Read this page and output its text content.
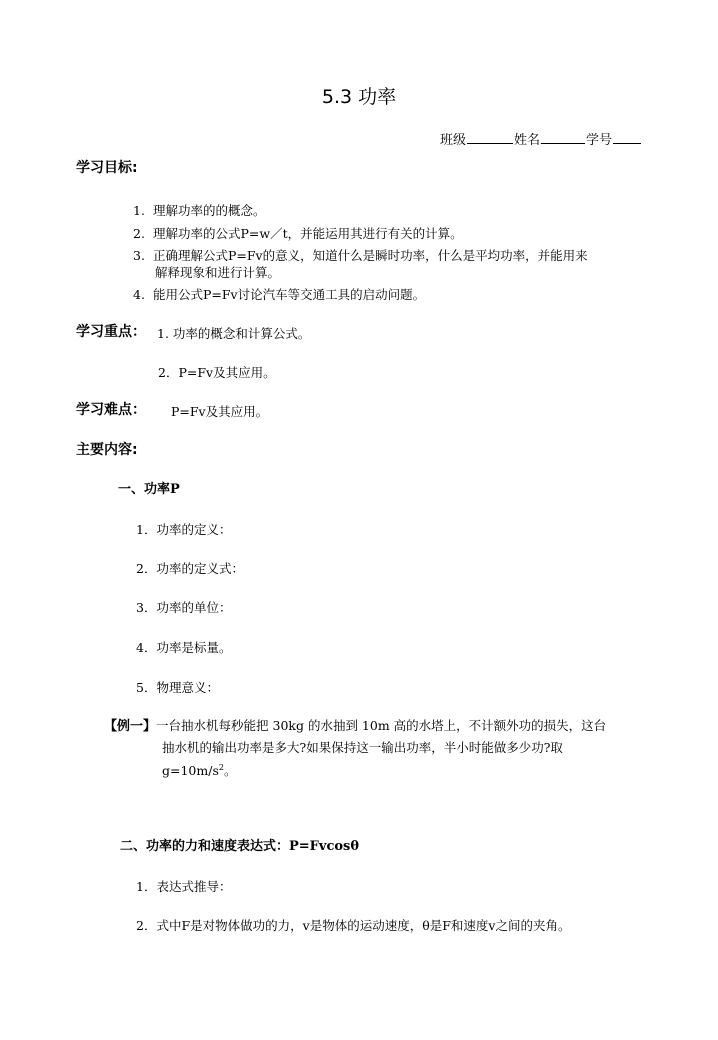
5.3 功率
班级	姓名	学号
学习目标:
1. 理解功率的的概念。
2. 理解功率的公式P=w／t，并能运用其进行有关的计算。
3. 正确理解公式P=Fv的意义，知道什么是瞬时功率，什么是平均功率，并能用来
解释现象和进行计算。
4. 能用公式P=Fv讨论汽车等交通工具的启动问题。
学习重点： 1. 功率的概念和计算公式。
2．P=Fv及其应用。
学习难点： P=Fv及其应用。
主要内容:
一、功率P
1．功率的定义：
2．功率的定义式：
3．功率的单位：
4．功率是标量。
5．物理意义：
【例一】一台抽水机每秒能把 30kg 的水抽到 10m 高的水塔上，不计额外功的损失，这台
抽水机的输出功率是多大?如果保持这一输出功率，半小时能做多少功?取
$g=10m/s^2$。
二、功率的力和速度表达式：P=Fvcosθ
1．表达式推导：
2．式中F是对物体做功的力，v是物体的运动速度，θ是F和速度v之间的夹角。
